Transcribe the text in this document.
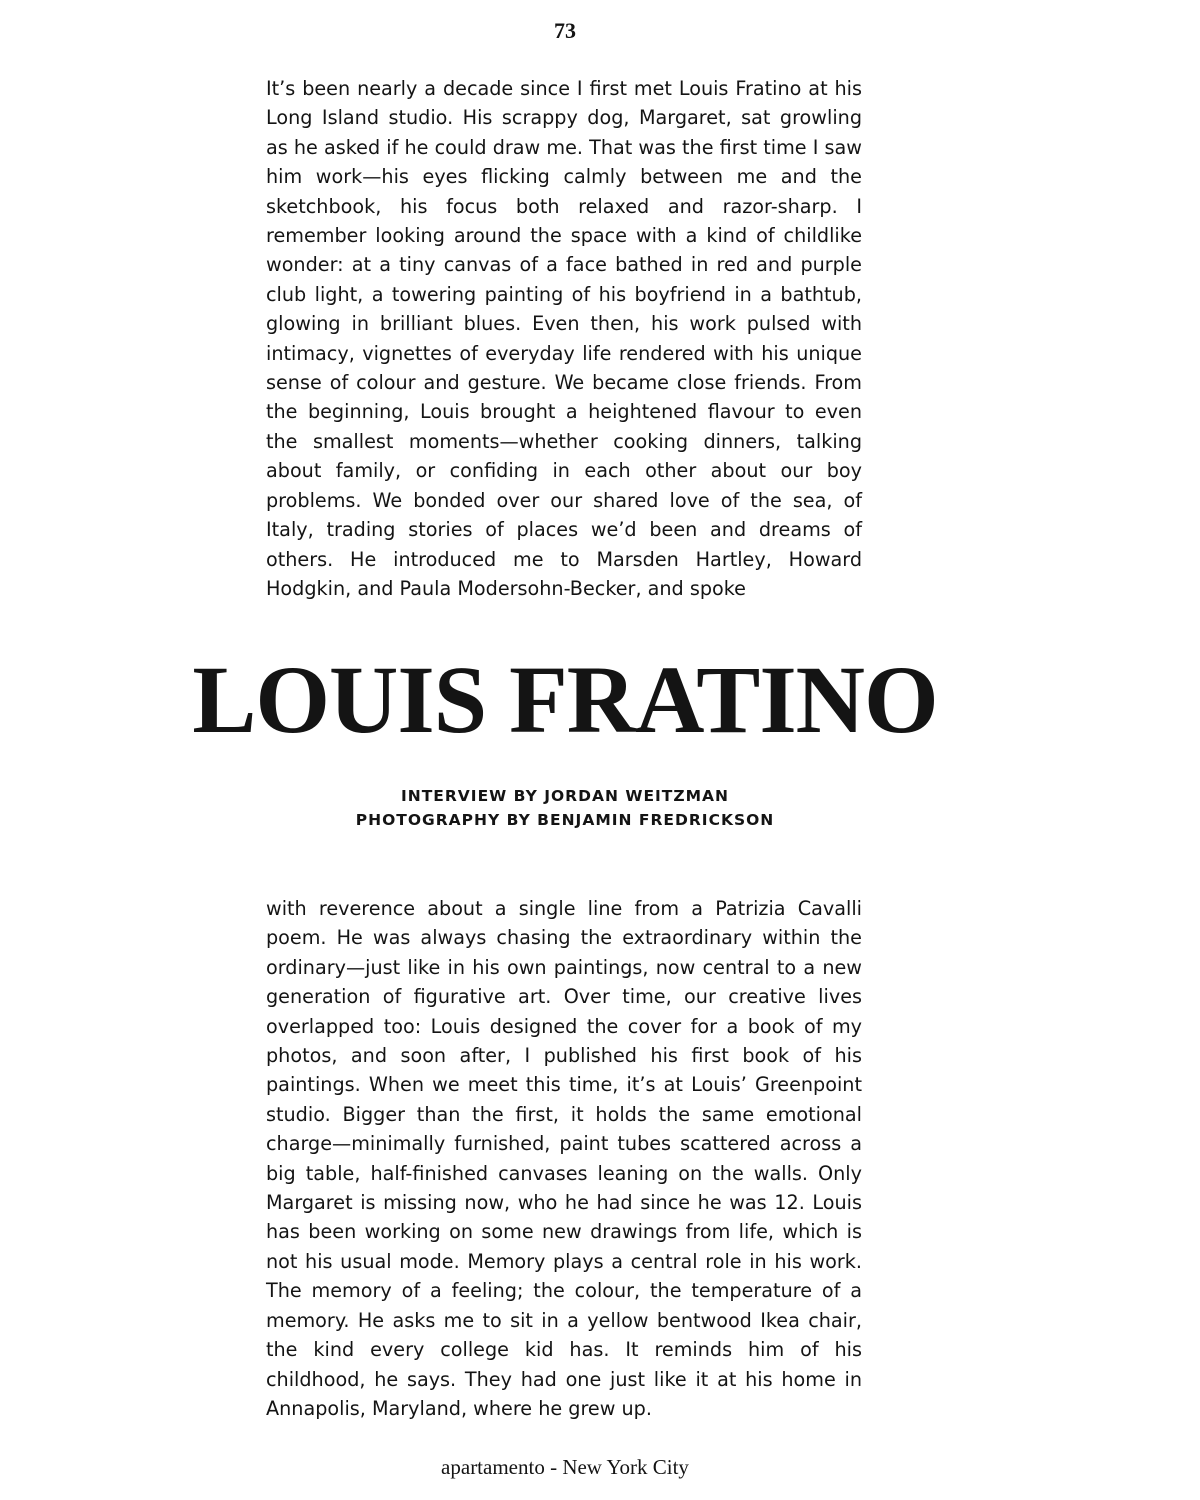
73

It’s been nearly a decade since I first met Louis Fratino at his Long Island studio. His scrappy dog, Margaret, sat growling as he asked if he could draw me. That was the first time I saw him work—his eyes flicking calmly between me and the sketchbook, his focus both relaxed and razor-sharp. I remember looking around the space with a kind of childlike wonder: at a tiny canvas of a face bathed in red and purple club light, a towering painting of his boyfriend in a bathtub, glowing in brilliant blues. Even then, his work pulsed with intimacy, vignettes of everyday life rendered with his unique sense of colour and gesture. We became close friends. From the beginning, Louis brought a heightened flavour to even the smallest moments—whether cooking dinners, talking about family, or confiding in each other about our boy problems. We bonded over our shared love of the sea, of Italy, trading stories of places we’d been and dreams of others. He introduced me to Marsden Hartley, Howard Hodgkin, and Paula Modersohn-Becker, and spoke

LOUIS FRATINO
INTERVIEW BY JORDAN WEITZMAN
PHOTOGRAPHY BY BENJAMIN FREDRICKSON

with reverence about a single line from a Patrizia Cavalli poem. He was always chasing the extraordinary within the ordinary—just like in his own paintings, now central to a new generation of figurative art. Over time, our creative lives overlapped too: Louis designed the cover for a book of my photos, and soon after, I published his first book of his paintings. When we meet this time, it’s at Louis’ Greenpoint studio. Bigger than the first, it holds the same emotional charge—minimally furnished, paint tubes scattered across a big table, half-finished canvases leaning on the walls. Only Margaret is missing now, who he had since he was 12. Louis has been working on some new drawings from life, which is not his usual mode. Memory plays a central role in his work. The memory of a feeling; the colour, the temperature of a memory. He asks me to sit in a yellow bentwood Ikea chair, the kind every college kid has. It reminds him of his childhood, he says. They had one just like it at his home in Annapolis, Maryland, where he grew up.

apartamento - New York City
